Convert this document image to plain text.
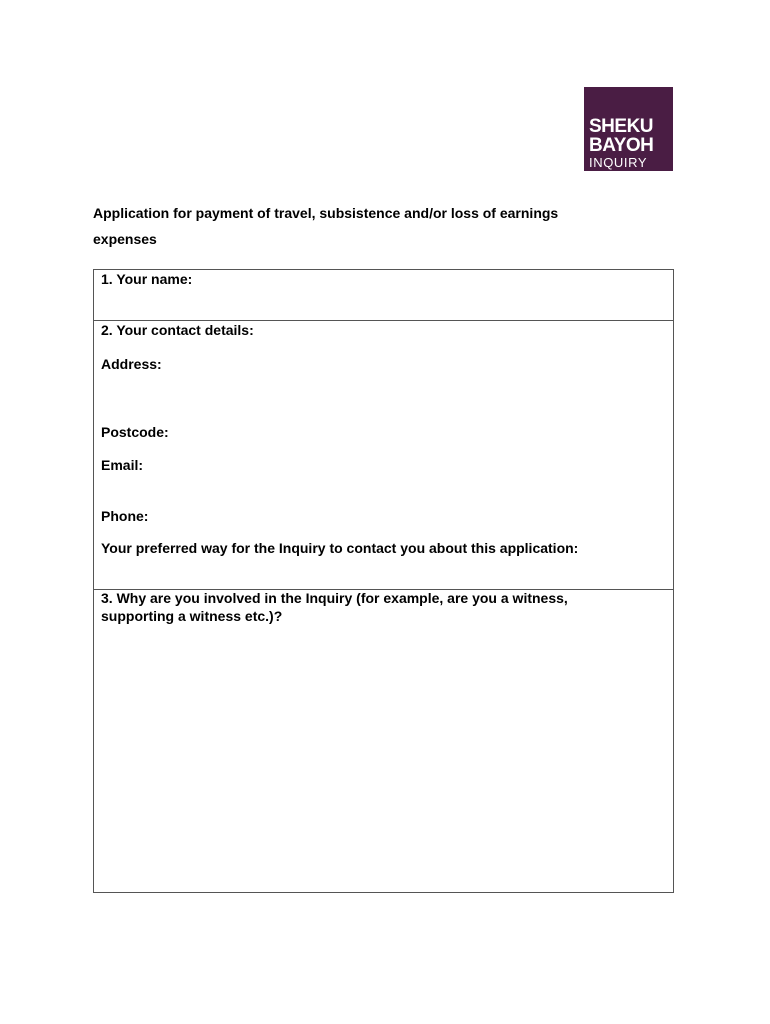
SHEKU
BAYOH
INQUIRY
Application for payment of travel, subsistence and/or loss of earnings
expenses

1. Your name:

2. Your contact details:

Address:

Postcode:

Email:

Phone:

Your preferred way for the Inquiry to contact you about this application:

3. Why are you involved in the Inquiry (for example, are you a witness,

supporting a witness etc.)?
